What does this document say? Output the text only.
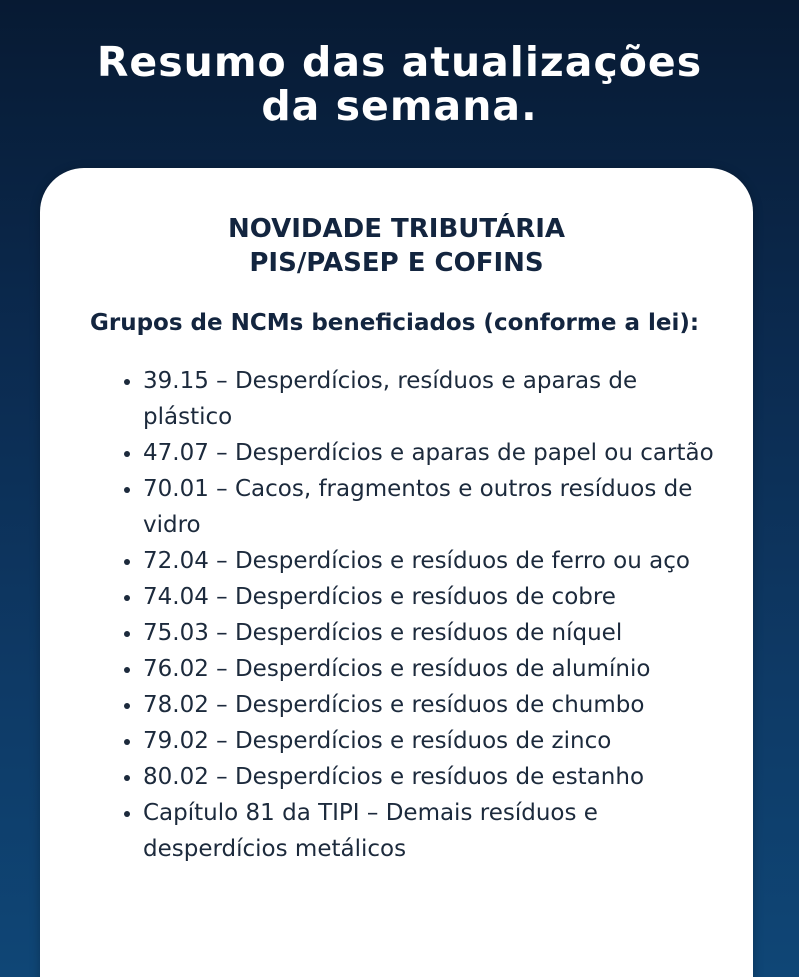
Resumo das atualizações
da semana.
NOVIDADE TRIBUTÁRIA
PIS/PASEP E COFINS
Grupos de NCMs beneficiados (conforme a lei):
• 39.15 – Desperdícios, resíduos e aparas de plástico
• 47.07 – Desperdícios e aparas de papel ou cartão
• 70.01 – Cacos, fragmentos e outros resíduos de vidro
• 72.04 – Desperdícios e resíduos de ferro ou aço
• 74.04 – Desperdícios e resíduos de cobre
• 75.03 – Desperdícios e resíduos de níquel
• 76.02 – Desperdícios e resíduos de alumínio
• 78.02 – Desperdícios e resíduos de chumbo
• 79.02 – Desperdícios e resíduos de zinco
• 80.02 – Desperdícios e resíduos de estanho
• Capítulo 81 da TIPI – Demais resíduos e desperdícios metálicos
